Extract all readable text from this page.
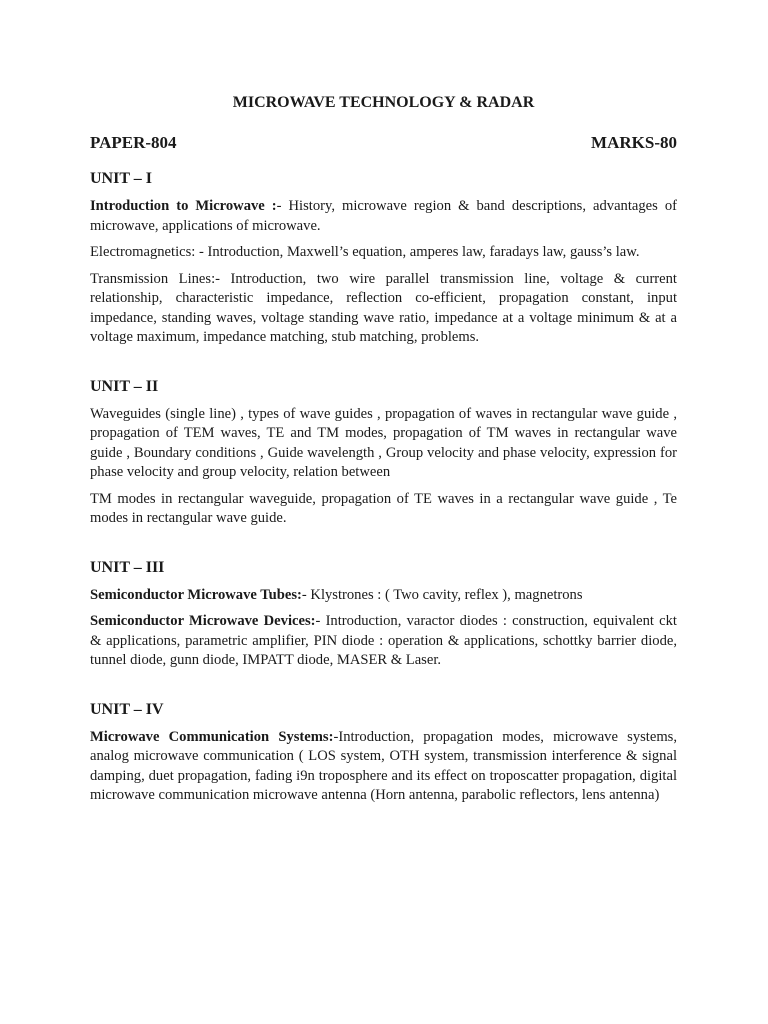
MICROWAVE TECHNOLOGY & RADAR
PAPER-804	MARKS-80
UNIT – I

Introduction to Microwave :- History, microwave region & band descriptions, advantages of microwave, applications of microwave.

Electromagnetics: - Introduction, Maxwell’s equation, amperes law, faradays law, gauss’s law.

Transmission Lines:- Introduction, two wire parallel transmission line, voltage & current relationship, characteristic impedance, reflection co-efficient, propagation constant, input impedance, standing waves, voltage standing wave ratio, impedance at a voltage minimum & at a voltage maximum, impedance matching, stub matching, problems.

UNIT – II

Waveguides (single line) , types of wave guides , propagation of waves in rectangular wave guide , propagation of TEM waves, TE and TM modes, propagation of TM waves in rectangular wave guide , Boundary conditions , Guide wavelength , Group velocity and phase velocity, expression for phase velocity and group velocity, relation between

TM modes in rectangular waveguide, propagation of TE waves in a rectangular wave guide , Te modes in rectangular wave guide.

UNIT – III

Semiconductor Microwave Tubes:- Klystrones : ( Two cavity, reflex ), magnetrons

Semiconductor Microwave Devices:- Introduction, varactor diodes : construction, equivalent ckt & applications, parametric amplifier, PIN diode : operation & applications, schottky barrier diode, tunnel diode, gunn diode, IMPATT diode, MASER & Laser.

UNIT – IV

Microwave Communication Systems:-Introduction, propagation modes, microwave systems, analog microwave communication ( LOS system, OTH system, transmission interference & signal damping, duet propagation, fading i9n troposphere and its effect on troposcatter propagation, digital microwave communication microwave antenna (Horn antenna, parabolic reflectors, lens antenna)
